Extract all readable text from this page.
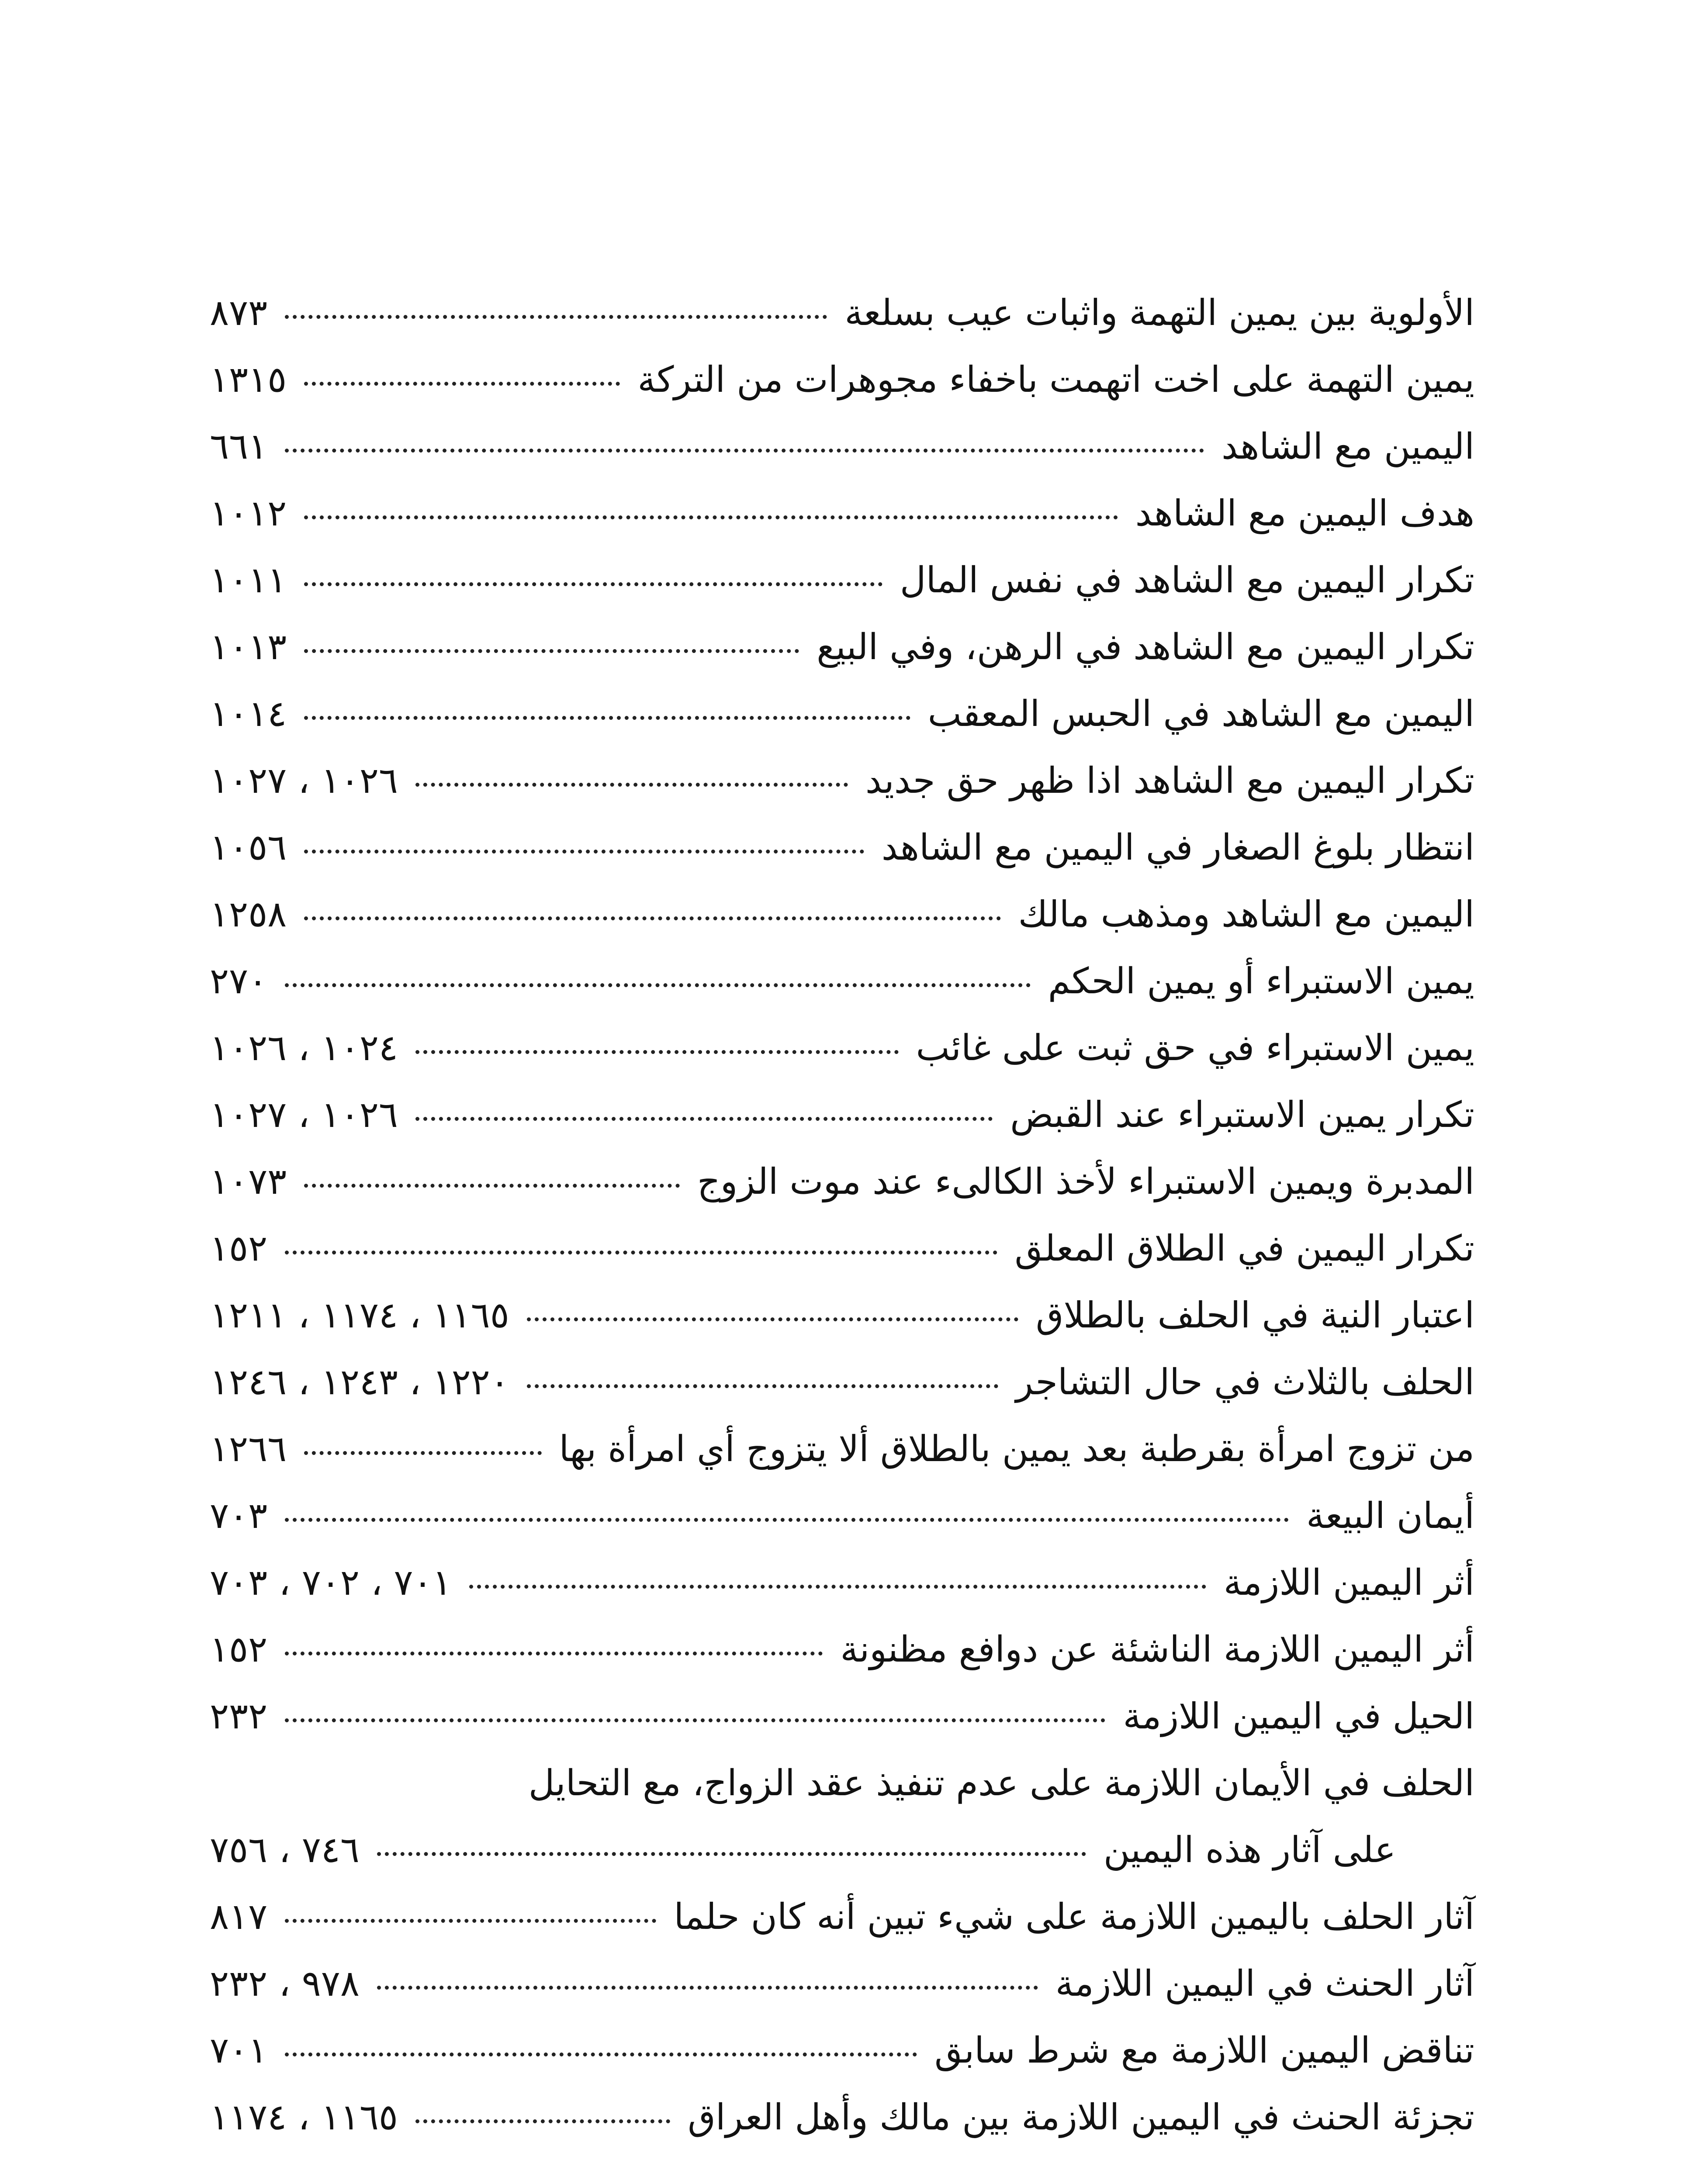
الأولوية بين يمين التهمة واثبات عيب بسلعة
٨٧٣
يمين التهمة على اخت اتهمت باخفاء مجوهرات من التركة
١٣١٥
اليمين مع الشاهد
٦٦١
هدف اليمين مع الشاهد
١٠١٢
تكرار اليمين مع الشاهد في نفس المال
١٠١١
تكرار اليمين مع الشاهد في الرهن، وفي البيع
١٠١٣
اليمين مع الشاهد في الحبس المعقب
١٠١٤
تكرار اليمين مع الشاهد اذا ظهر حق جديد
١٠٢٦ ، ١٠٢٧
انتظار بلوغ الصغار في اليمين مع الشاهد
١٠٥٦
اليمين مع الشاهد ومذهب مالك
١٢٥٨
يمين الاستبراء أو يمين الحكم
٢٧٠
يمين الاستبراء في حق ثبت على غائب
١٠٢٤ ، ١٠٢٦
تكرار يمين الاستبراء عند القبض
١٠٢٦ ، ١٠٢٧
المدبرة ويمين الاستبراء لأخذ الكالىء عند موت الزوج
١٠٧٣
تكرار اليمين في الطلاق المعلق
١٥٢
اعتبار النية في الحلف بالطلاق
١١٦٥ ، ١١٧٤ ، ١٢١١
الحلف بالثلاث في حال التشاجر
١٢٢٠ ، ١٢٤٣ ، ١٢٤٦
من تزوج امرأة بقرطبة بعد يمين بالطلاق ألا يتزوج أي امرأة بها
١٢٦٦
أيمان البيعة
٧٠٣
أثر اليمين اللازمة
٧٠١ ، ٧٠٢ ، ٧٠٣
أثر اليمين اللازمة الناشئة عن دوافع مظنونة
١٥٢
الحيل في اليمين اللازمة
٢٣٢
الحلف في الأيمان اللازمة على عدم تنفيذ عقد الزواج، مع التحايل
على آثار هذه اليمين
٧٤٦ ، ٧٥٦
آثار الحلف باليمين اللازمة على شيء تبين أنه كان حلما
٨١٧
آثار الحنث في اليمين اللازمة
٩٧٨ ، ٢٣٢
تناقض اليمين اللازمة مع شرط سابق
٧٠١
تجزئة الحنث في اليمين اللازمة بين مالك وأهل العراق
١١٦٥ ، ١١٧٤
